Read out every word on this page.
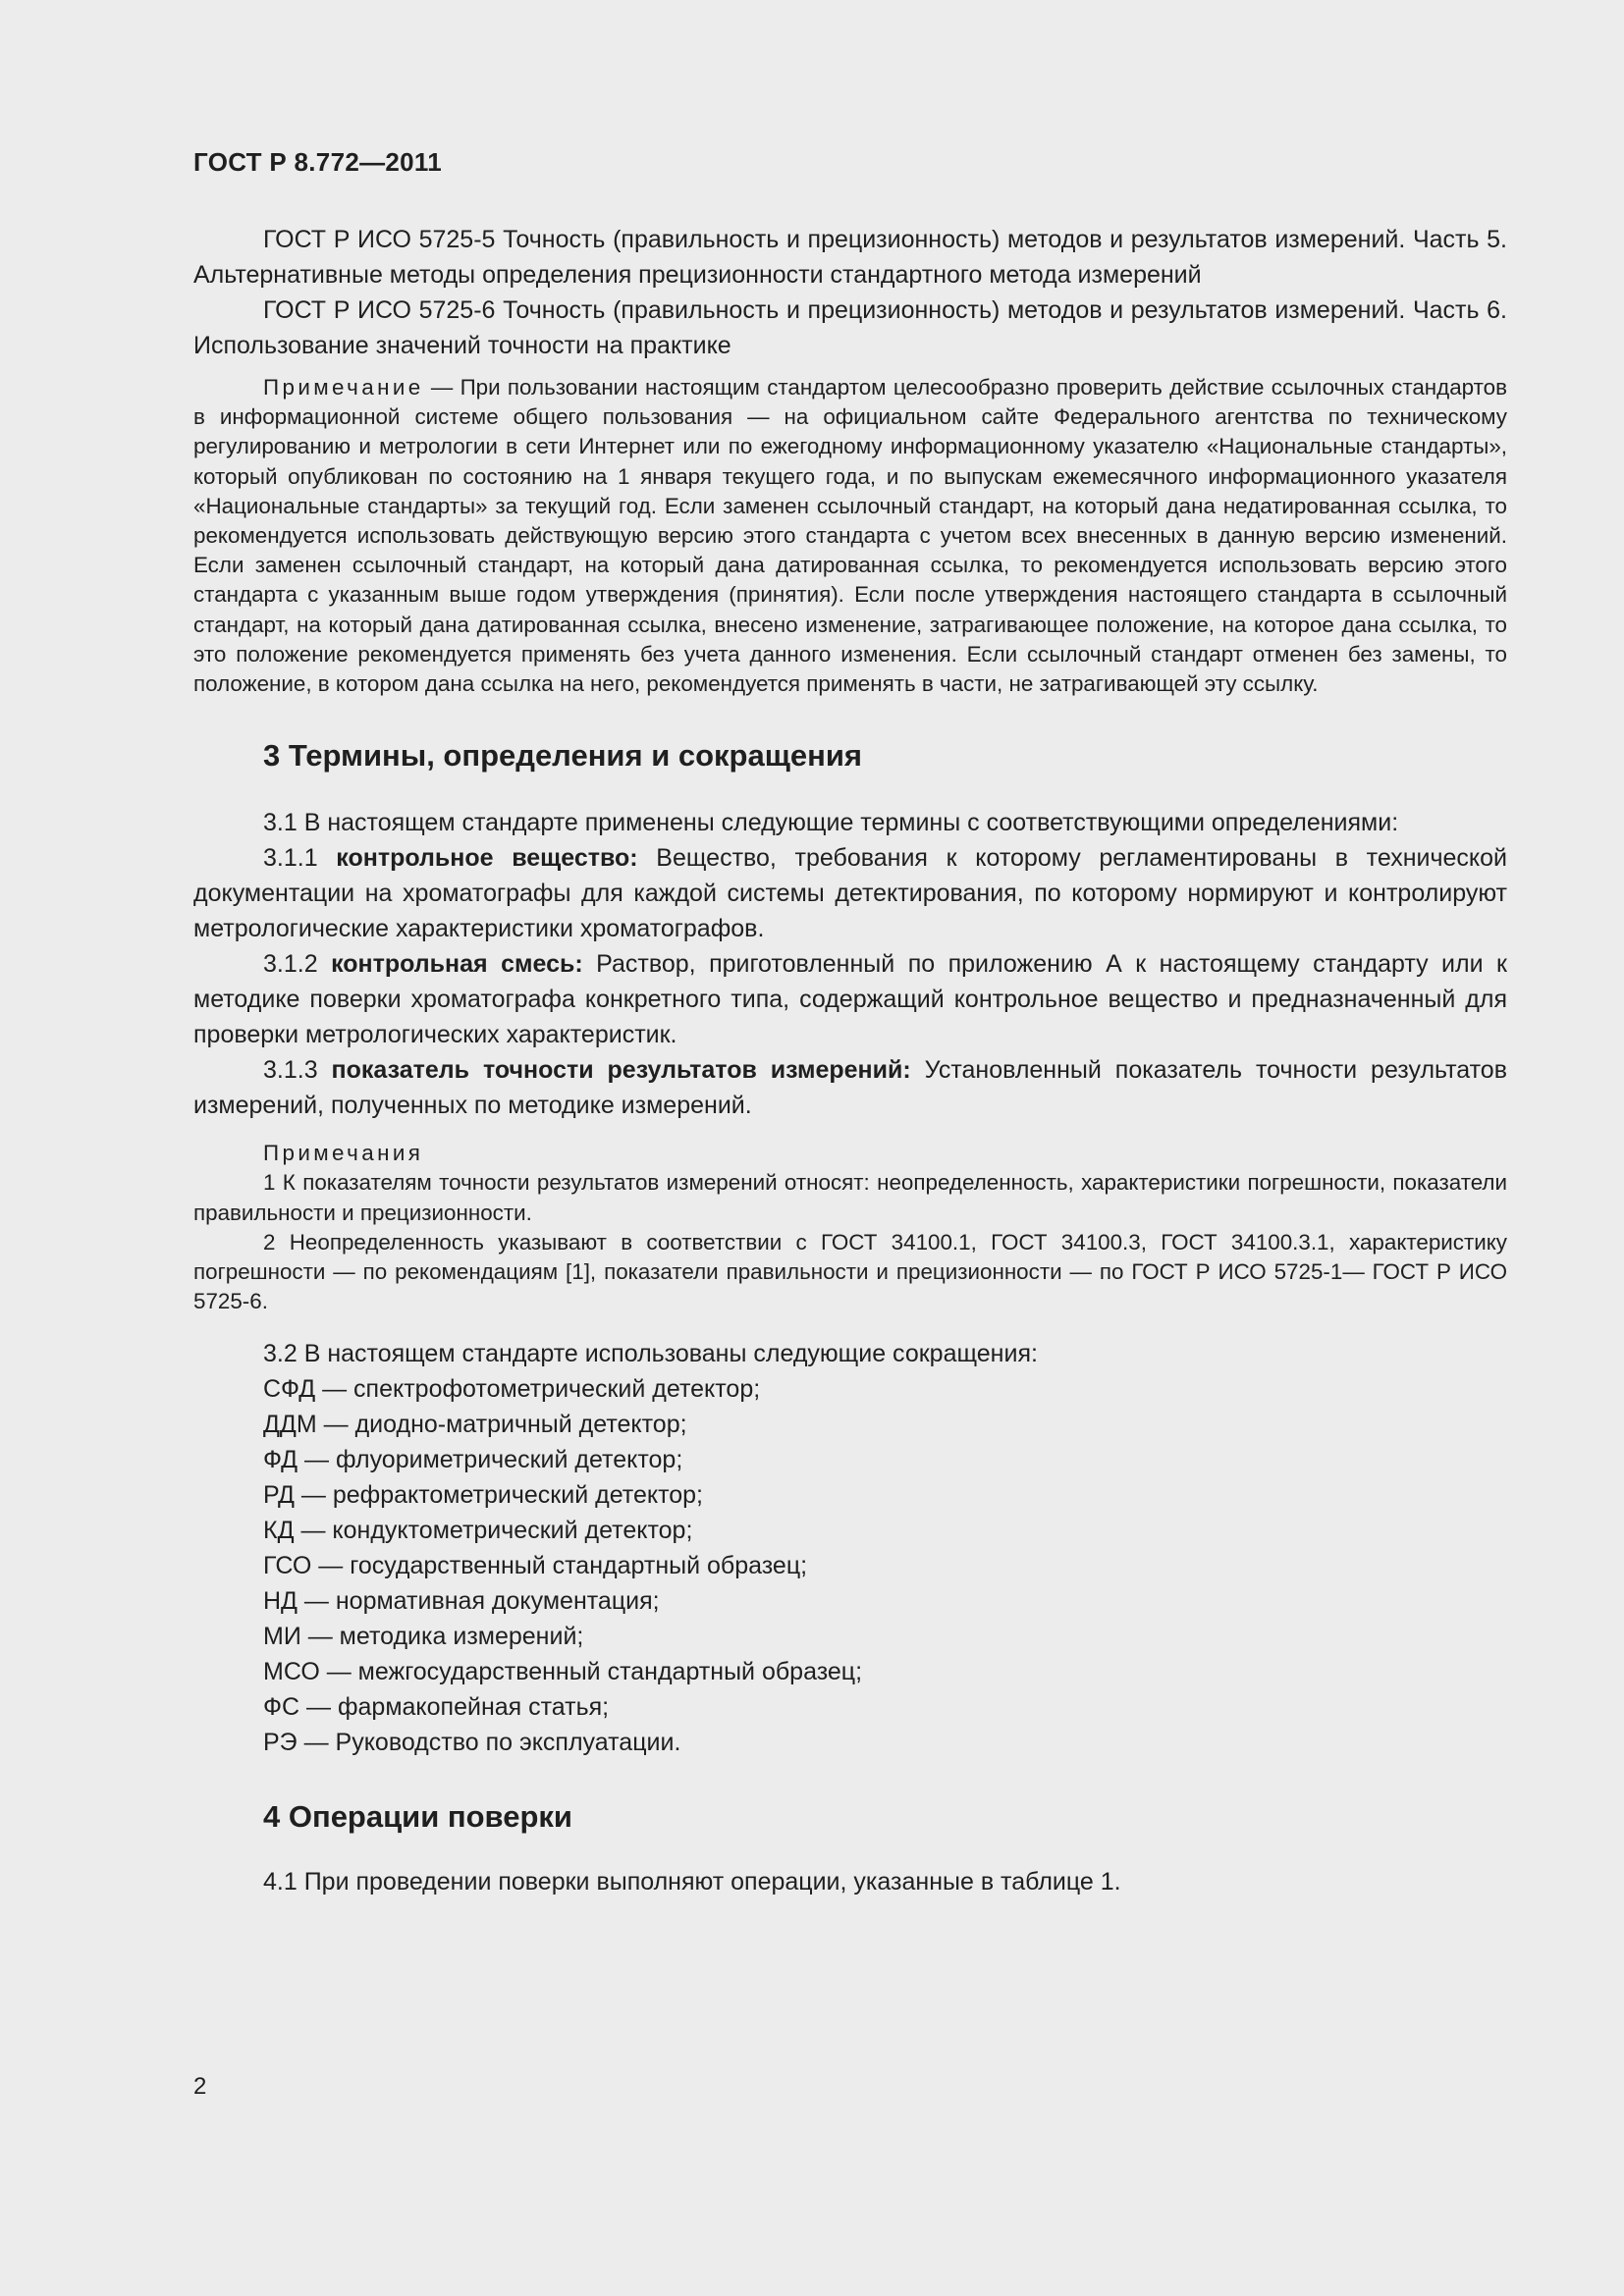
ГОСТ Р 8.772—2011

ГОСТ Р ИСО 5725-5 Точность (правильность и прецизионность) методов и результатов измерений. Часть 5. Альтернативные методы определения прецизионности стандартного метода измерений

ГОСТ Р ИСО 5725-6 Точность (правильность и прецизионность) методов и результатов измерений. Часть 6. Использование значений точности на практике

Примечание — При пользовании настоящим стандартом целесообразно проверить действие ссылочных стандартов в информационной системе общего пользования — на официальном сайте Федерального агентства по техническому регулированию и метрологии в сети Интернет или по ежегодному информационному указателю «Национальные стандарты», который опубликован по состоянию на 1 января текущего года, и по выпускам ежемесячного информационного указателя «Национальные стандарты» за текущий год. Если заменен ссылочный стандарт, на который дана недатированная ссылка, то рекомендуется использовать действующую версию этого стандарта с учетом всех внесенных в данную версию изменений. Если заменен ссылочный стандарт, на который дана датированная ссылка, то рекомендуется использовать версию этого стандарта с указанным выше годом утверждения (принятия). Если после утверждения настоящего стандарта в ссылочный стандарт, на который дана датированная ссылка, внесено изменение, затрагивающее положение, на которое дана ссылка, то это положение рекомендуется применять без учета данного изменения. Если ссылочный стандарт отменен без замены, то положение, в котором дана ссылка на него, рекомендуется применять в части, не затрагивающей эту ссылку.

3 Термины, определения и сокращения

3.1 В настоящем стандарте применены следующие термины с соответствующими определениями:

3.1.1 контрольное вещество: Вещество, требования к которому регламентированы в технической документации на хроматографы для каждой системы детектирования, по которому нормируют и контролируют метрологические характеристики хроматографов.

3.1.2 контрольная смесь: Раствор, приготовленный по приложению А к настоящему стандарту или к методике поверки хроматографа конкретного типа, содержащий контрольное вещество и предназначенный для проверки метрологических характеристик.

3.1.3 показатель точности результатов измерений: Установленный показатель точности результатов измерений, полученных по методике измерений.

Примечания

1 К показателям точности результатов измерений относят: неопределенность, характеристики погрешности, показатели правильности и прецизионности.

2 Неопределенность указывают в соответствии с ГОСТ 34100.1, ГОСТ 34100.3, ГОСТ 34100.3.1, характеристику погрешности — по рекомендациям [1], показатели правильности и прецизионности — по ГОСТ Р ИСО 5725-1— ГОСТ Р ИСО 5725-6.

3.2 В настоящем стандарте использованы следующие сокращения:

СФД — спектрофотометрический детектор;

ДДМ — диодно-матричный детектор;

ФД — флуориметрический детектор;

РД — рефрактометрический детектор;

КД — кондуктометрический детектор;

ГСО — государственный стандартный образец;

НД — нормативная документация;

МИ — методика измерений;

МСО — межгосударственный стандартный образец;

ФС — фармакопейная статья;

РЭ — Руководство по эксплуатации.

4 Операции поверки

4.1 При проведении поверки выполняют операции, указанные в таблице 1.

2
